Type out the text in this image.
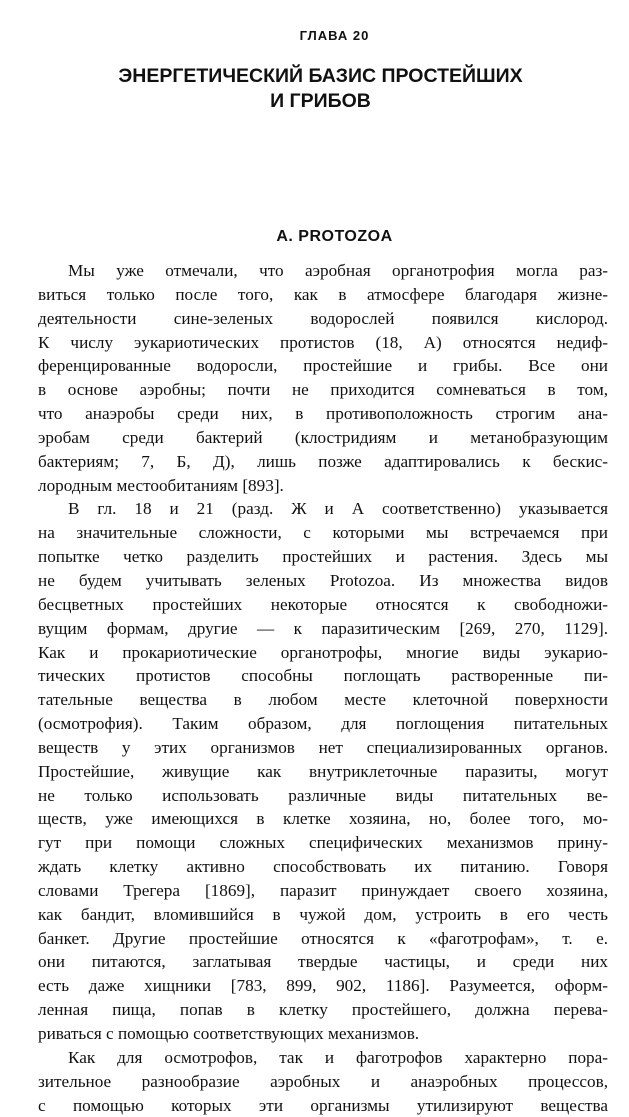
ГЛАВА 20
ЭНЕРГЕТИЧЕСКИЙ БАЗИС ПРОСТЕЙШИХ
И ГРИБОВ
A. PROTOZOA
Мы уже отмечали, что аэробная органотрофия могла раз-
виться только после того, как в атмосфере благодаря жизне-
деятельности сине-зеленых водорослей появился кислород.
К числу эукариотических протистов (18, А) относятся недиф-
ференцированные водоросли, простейшие и грибы. Все они
в основе аэробны; почти не приходится сомневаться в том,
что анаэробы среди них, в противоположность строгим ана-
эробам среди бактерий (клостридиям и метанобразующим
бактериям; 7, Б, Д), лишь позже адаптировались к бескис-
лородным местообитаниям [893].
В гл. 18 и 21 (разд. Ж и А соответственно) указывается
на значительные сложности, с которыми мы встречаемся при
попытке четко разделить простейших и растения. Здесь мы
не будем учитывать зеленых Protozoa. Из множества видов
бесцветных простейших некоторые относятся к свободножи-
вущим формам, другие — к паразитическим [269, 270, 1129].
Как и прокариотические органотрофы, многие виды эукарио-
тических протистов способны поглощать растворенные пи-
тательные вещества в любом месте клеточной поверхности
(осмотрофия). Таким образом, для поглощения питательных
веществ у этих организмов нет специализированных органов.
Простейшие, живущие как внутриклеточные паразиты, могут
не только использовать различные виды питательных ве-
ществ, уже имеющихся в клетке хозяина, но, более того, мо-
гут при помощи сложных специфических механизмов прину-
ждать клетку активно способствовать их питанию. Говоря
словами Трегера [1869], паразит принуждает своего хозяина,
как бандит, вломившийся в чужой дом, устроить в его честь
банкет. Другие простейшие относятся к «фаготрофам», т. е.
они питаются, заглатывая твердые частицы, и среди них
есть даже хищники [783, 899, 902, 1186]. Разумеется, оформ-
ленная пища, попав в клетку простейшего, должна перева-
риваться с помощью соответствующих механизмов.
Как для осмотрофов, так и фаготрофов характерно пора-
зительное разнообразие аэробных и анаэробных процессов,
с помощью которых эти организмы утилизируют вещества
